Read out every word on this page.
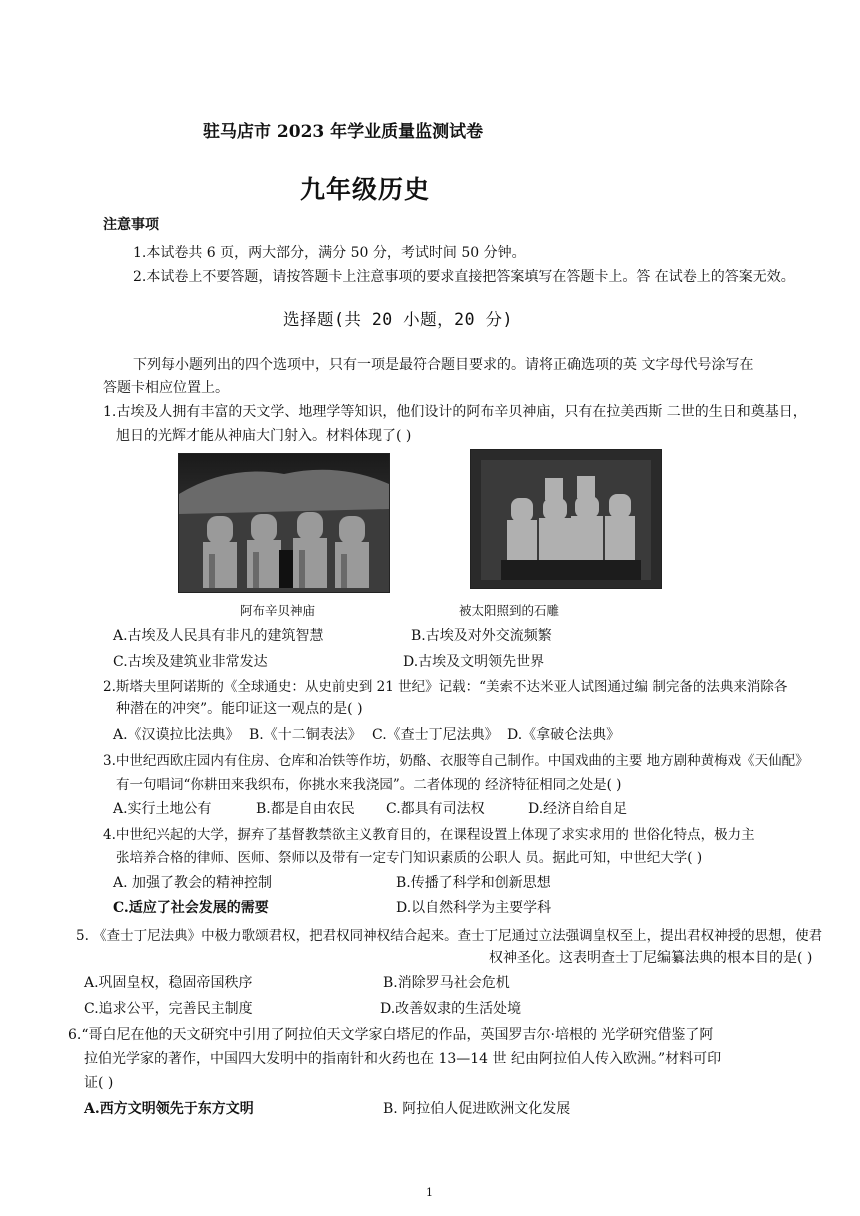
驻马店市 2023 年学业质量监测试卷
九年级历史
注意事项
1.本试卷共 6 页，两大部分，满分 50 分，考试时间 50 分钟。
2.本试卷上不要答题，请按答题卡上注意事项的要求直接把答案填写在答题卡上。答 在试卷上的答案无效。
选择题(共 20 小题，20 分)
下列每小题列出的四个选项中，只有一项是最符合题目要求的。请将正确选项的英 文字母代号涂写在
答题卡相应位置上。
1.古埃及人拥有丰富的天文学、地理学等知识，他们设计的阿布辛贝神庙，只有在拉美西斯 二世的生日和奠基日，
旭日的光辉才能从神庙大门射入。材料体现了( )
阿布辛贝神庙	被太阳照到的石雕
A.古埃及人民具有非凡的建筑智慧	B.古埃及对外交流频繁
C.古埃及建筑业非常发达	D.古埃及文明领先世界
2.斯塔夫里阿诺斯的《全球通史：从史前史到 21 世纪》记载：“美索不达米亚人试图通过编 制完备的法典来消除各
种潜在的冲突”。能印证这一观点的是( )
A.《汉谟拉比法典》 B.《十二铜表法》 C.《查士丁尼法典》 D.《拿破仑法典》
3.中世纪西欧庄园内有住房、仓库和冶铁等作坊，奶酪、衣服等自己制作。中国戏曲的主要 地方剧种黄梅戏《天仙配》
有一句唱词“你耕田来我织布，你挑水来我浇园”。二者体现的 经济特征相同之处是( )
A.实行土地公有	B.都是自由农民 C.都具有司法权	D.经济自给自足
4.中世纪兴起的大学，摒弃了基督教禁欲主义教育目的，在课程设置上体现了求实求用的 世俗化特点，极力主
张培养合格的律师、医师、祭师以及带有一定专门知识素质的公职人 员。据此可知，中世纪大学( )
A. 加强了教会的精神控制	B.传播了科学和创新思想
C.适应了社会发展的需要	D.以自然科学为主要学科
5. 《查士丁尼法典》中极力歌颂君权，把君权同神权结合起来。查士丁尼通过立法强调皇权至上，提出君权神授的思想，使君
权神圣化。这表明查士丁尼编纂法典的根本目的是( )
A.巩固皇权，稳固帝国秩序	B.消除罗马社会危机
C.追求公平，完善民主制度	D.改善奴隶的生活处境
6.“哥白尼在他的天文研究中引用了阿拉伯天文学家白塔尼的作品，英国罗吉尔·培根的 光学研究借鉴了阿
拉伯光学家的著作，中国四大发明中的指南针和火药也在 13—14 世 纪由阿拉伯人传入欧洲。”材料可印
证( )
A.西方文明领先于东方文明	B. 阿拉伯人促进欧洲文化发展
1
